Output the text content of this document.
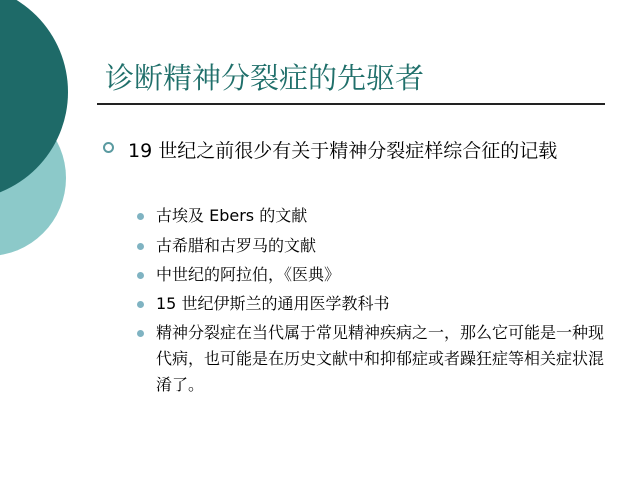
诊断精神分裂症的先驱者
19 世纪之前很少有关于精神分裂症样综合征的记载
古埃及 Ebers 的文献
古希腊和古罗马的文献
中世纪的阿拉伯，《医典》
15 世纪伊斯兰的通用医学教科书
精神分裂症在当代属于常见精神疾病之一，那么它可能是一种现代病，也可能是在历史文献中和抑郁症或者躁狂症等相关症状混淆了。
